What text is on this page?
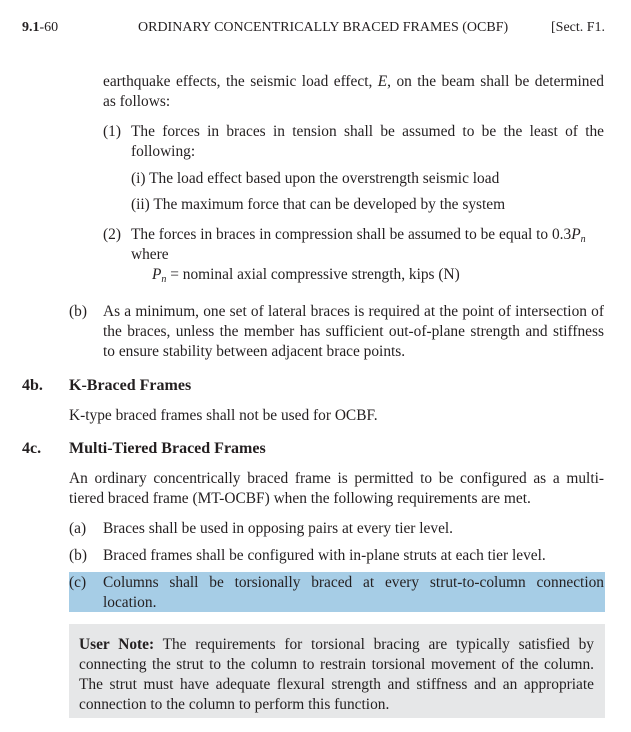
9.1-60	ORDINARY CONCENTRICALLY BRACED FRAMES (OCBF)	[Sect. F1.
earthquake effects, the seismic load effect, E, on the beam shall be determined
as follows:
(1) The forces in braces in tension shall be assumed to be the least of the
following:
(i) The load effect based upon the overstrength seismic load
(ii) The maximum force that can be developed by the system
(2) The forces in braces in compression shall be assumed to be equal to $0.3P_n$
where
$P_n$ = nominal axial compressive strength, kips (N)
(b) As a minimum, one set of lateral braces is required at the point of intersection of
the braces, unless the member has sufficient out-of-plane strength and stiffness
to ensure stability between adjacent brace points.
4b. K-Braced Frames
K-type braced frames shall not be used for OCBF.
4c. Multi-Tiered Braced Frames
An ordinary concentrically braced frame is permitted to be configured as a multi-
tiered braced frame (MT-OCBF) when the following requirements are met.
(a) Braces shall be used in opposing pairs at every tier level.
(b) Braced frames shall be configured with in-plane struts at each tier level.
(c) Columns shall be torsionally braced at every strut-to-column connection
location.
User Note: The requirements for torsional bracing are typically satisfied by
connecting the strut to the column to restrain torsional movement of the column.
The strut must have adequate flexural strength and stiffness and an appropriate
connection to the column to perform this function.
